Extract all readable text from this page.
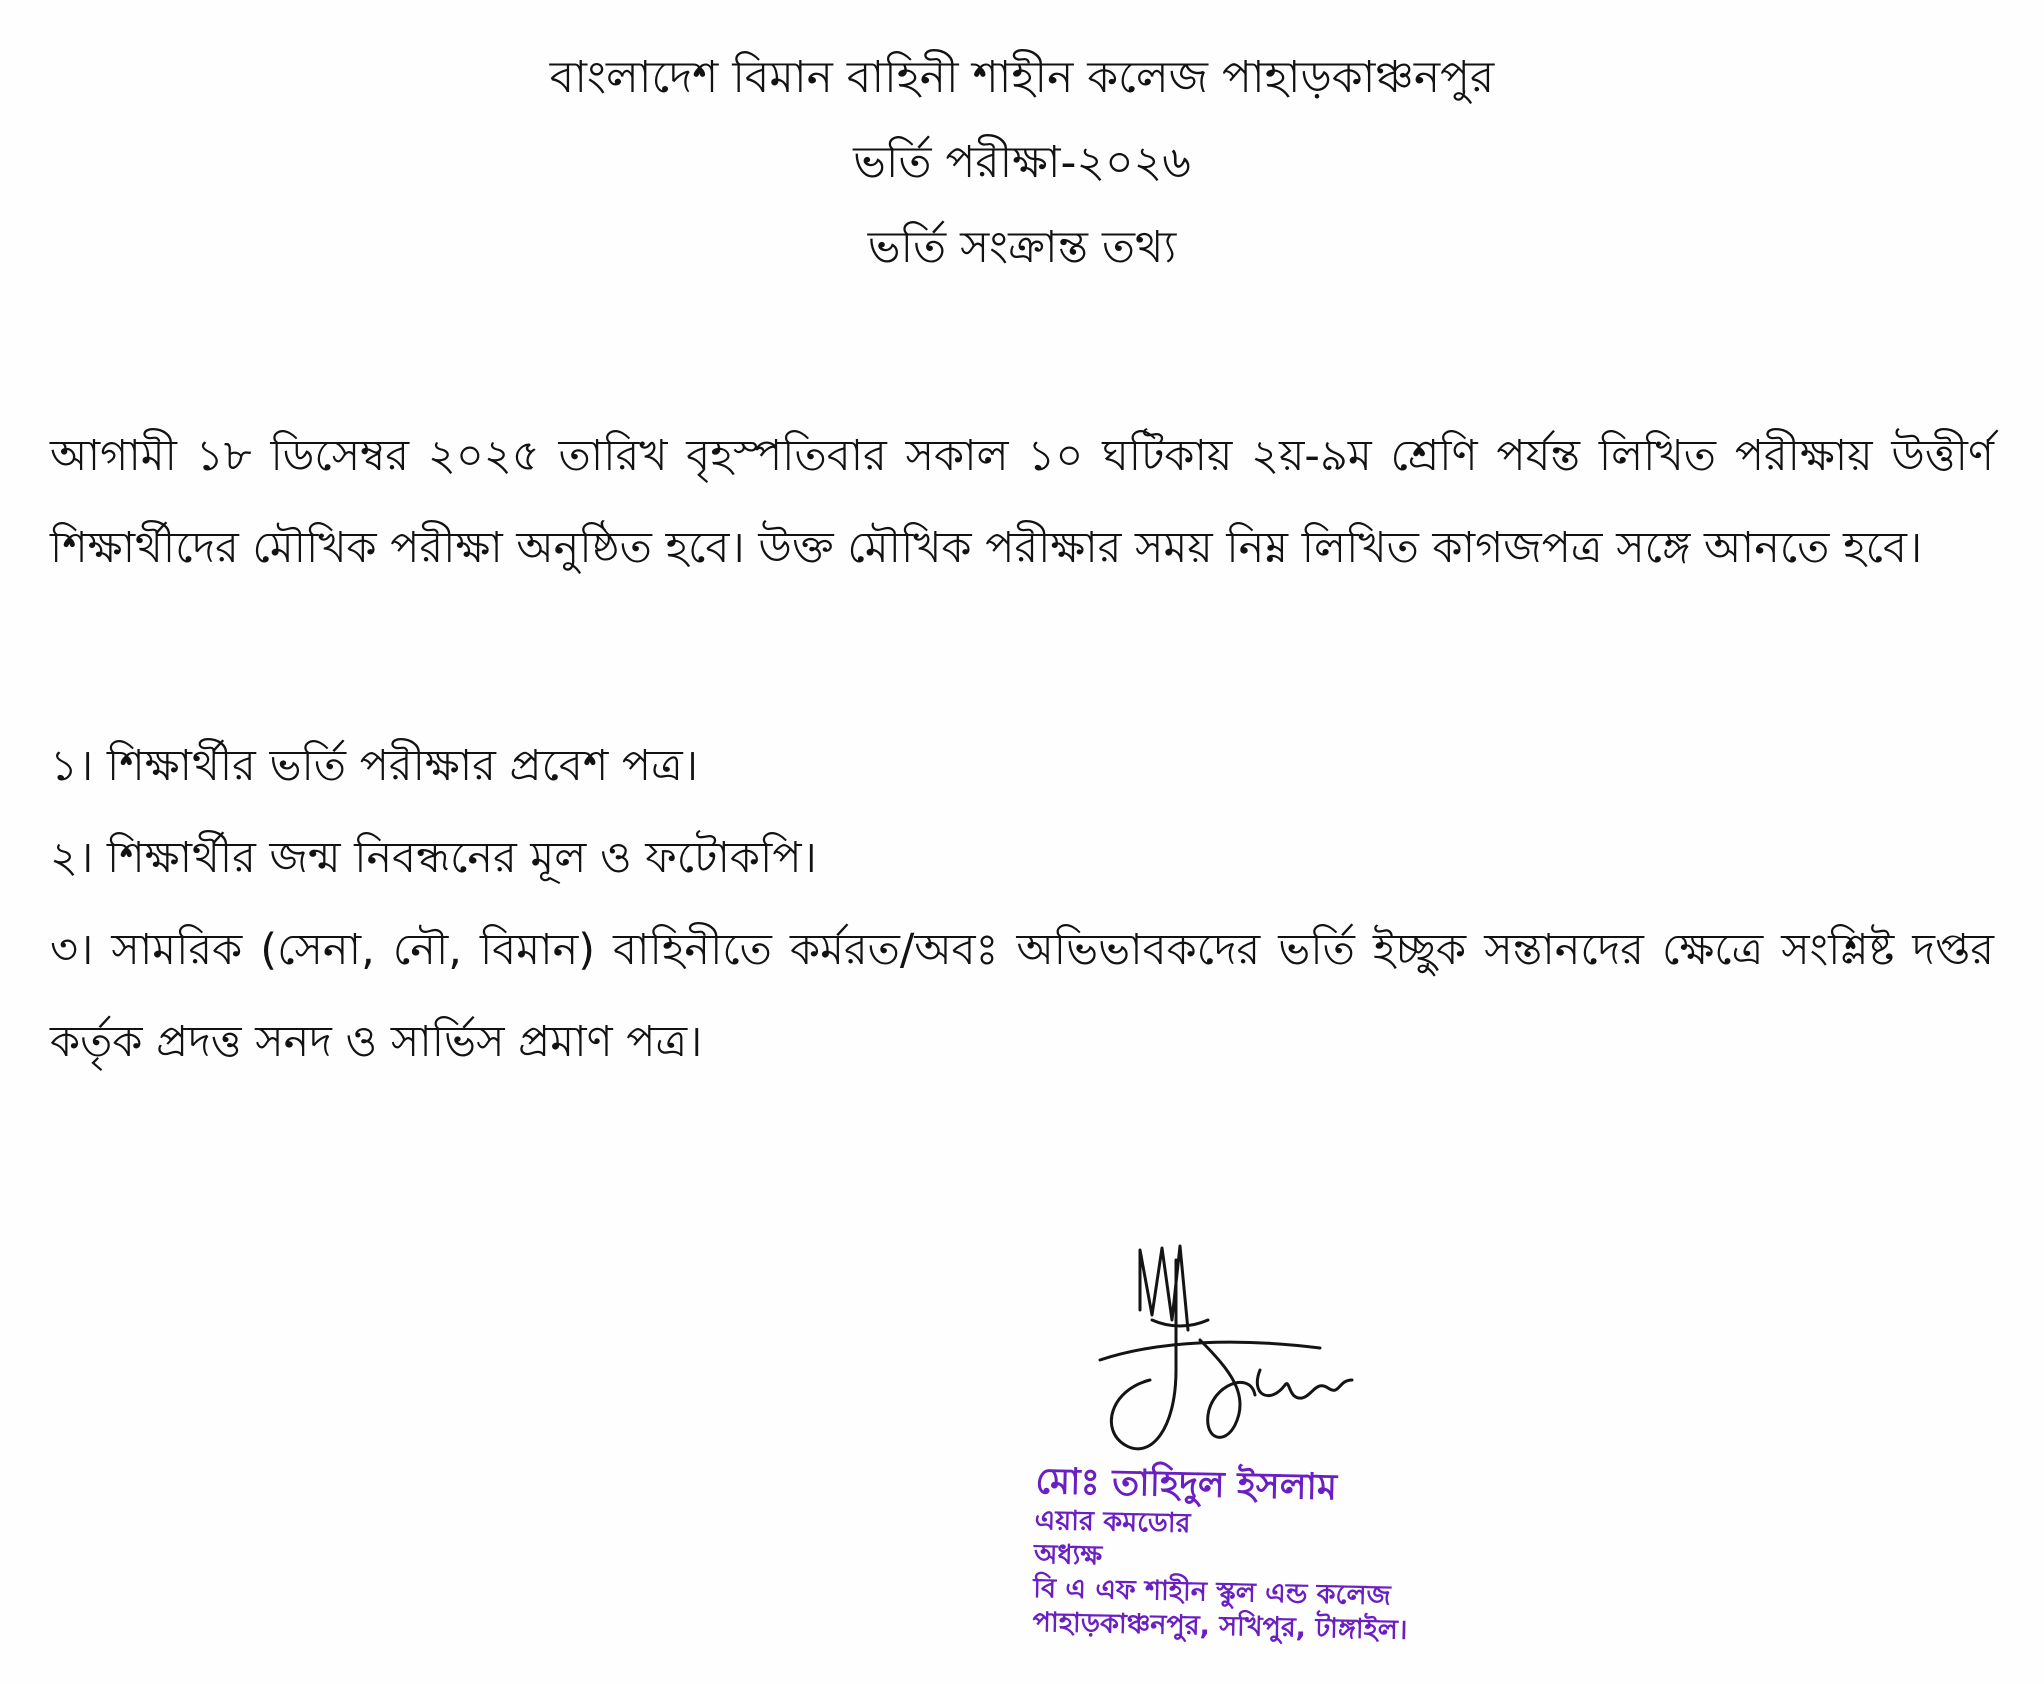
বাংলাদেশ বিমান বাহিনী শাহীন কলেজ পাহাড়কাঞ্চনপুর
ভর্তি পরীক্ষা-২০২৬
ভর্তি সংক্রান্ত তথ্য
আগামী ১৮ ডিসেম্বর ২০২৫ তারিখ বৃহস্পতিবার সকাল ১০ ঘটিকায় ২য়-৯ম শ্রেণি পর্যন্ত লিখিত পরীক্ষায় উত্তীর্ণ শিক্ষার্থীদের মৌখিক পরীক্ষা অনুষ্ঠিত হবে। উক্ত মৌখিক পরীক্ষার সময় নিম্ন লিখিত কাগজপত্র সঙ্গে আনতে হবে।
১। শিক্ষার্থীর ভর্তি পরীক্ষার প্রবেশ পত্র।
২। শিক্ষার্থীর জন্ম নিবন্ধনের মূল ও ফটোকপি।
৩। সামরিক (সেনা, নৌ, বিমান) বাহিনীতে কর্মরত/অবঃ অভিভাবকদের ভর্তি ইচ্ছুক সন্তানদের ক্ষেত্রে সংশ্লিষ্ট দপ্তর কর্তৃক প্রদত্ত সনদ ও সার্ভিস প্রমাণ পত্র।
মোঃ তাহিদুল ইসলাম
এয়ার কমডোর
অধ্যক্ষ
বি এ এফ শাহীন স্কুল এন্ড কলেজ
পাহাড়কাঞ্চনপুর, সখিপুর, টাঙ্গাইল।
